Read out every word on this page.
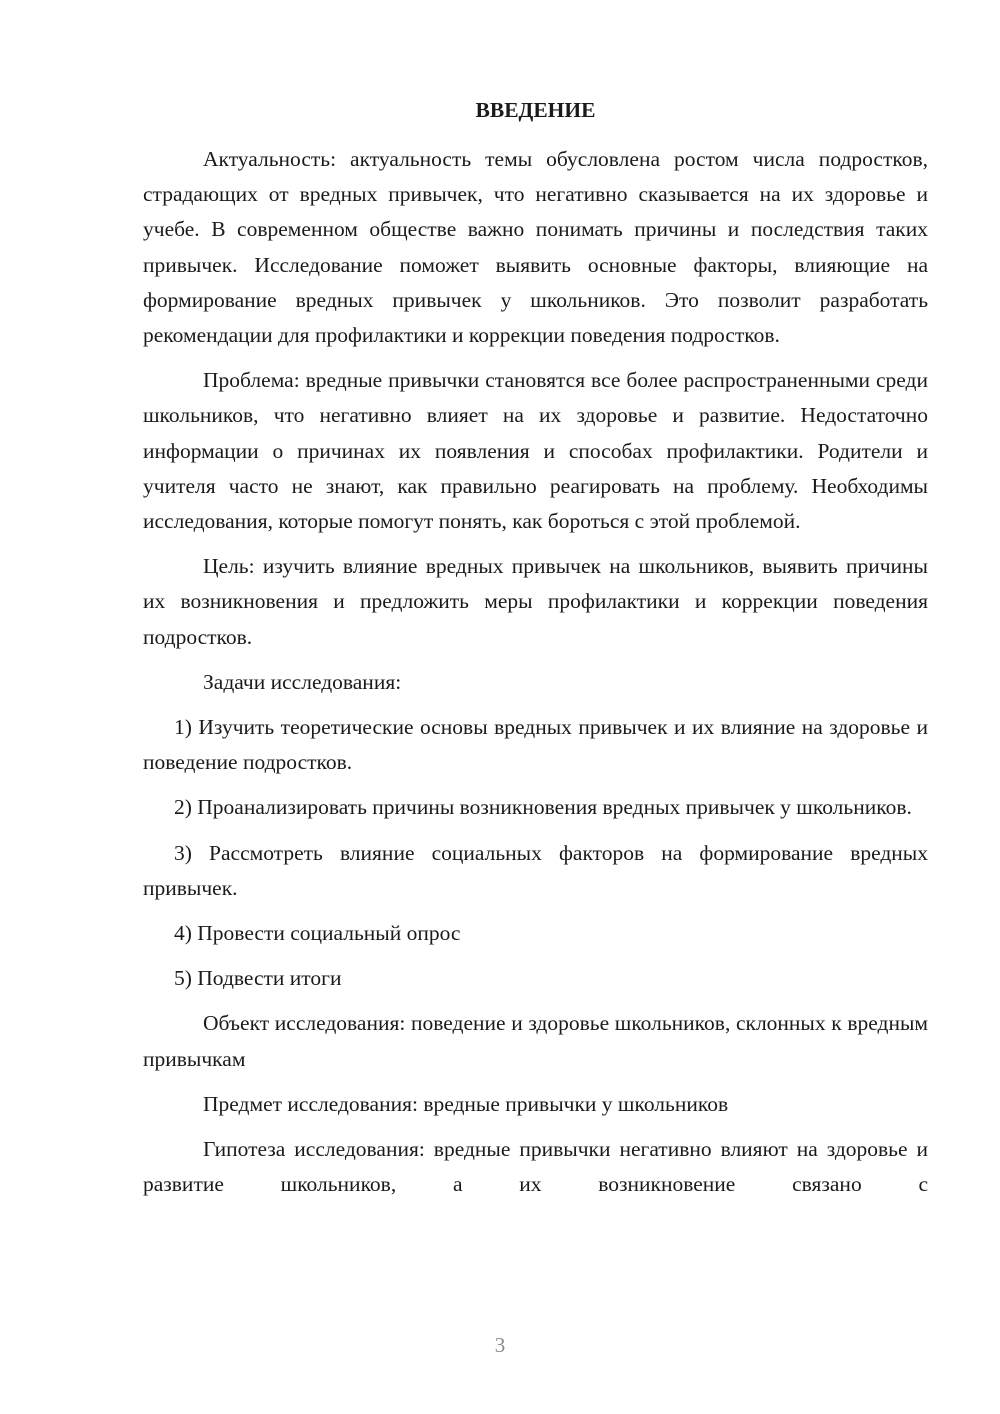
ВВЕДЕНИЕ

Актуальность: актуальность темы обусловлена ростом числа подростков, страдающих от вредных привычек, что негативно сказывается на их здоровье и учебе. В современном обществе важно понимать причины и последствия таких привычек. Исследование поможет выявить основные факторы, влияющие на формирование вредных привычек у школьников. Это позволит разработать рекомендации для профилактики и коррекции поведения подростков.

Проблема: вредные привычки становятся все более распространенными среди школьников, что негативно влияет на их здоровье и развитие. Недостаточно информации о причинах их появления и способах профилактики. Родители и учителя часто не знают, как правильно реагировать на проблему. Необходимы исследования, которые помогут понять, как бороться с этой проблемой.

Цель: изучить влияние вредных привычек на школьников, выявить причины их возникновения и предложить меры профилактики и коррекции поведения подростков.

Задачи исследования:

1) Изучить теоретические основы вредных привычек и их влияние на здоровье и поведение подростков.

2) Проанализировать причины возникновения вредных привычек у школьников.

3) Рассмотреть влияние социальных факторов на формирование вредных привычек.

4) Провести социальный опрос

5) Подвести итоги

Объект исследования: поведение и здоровье школьников, склонных к вредным привычкам

Предмет исследования: вредные привычки у школьников

Гипотеза исследования: вредные привычки негативно влияют на здоровье и развитие школьников, а их возникновение связано с

3
